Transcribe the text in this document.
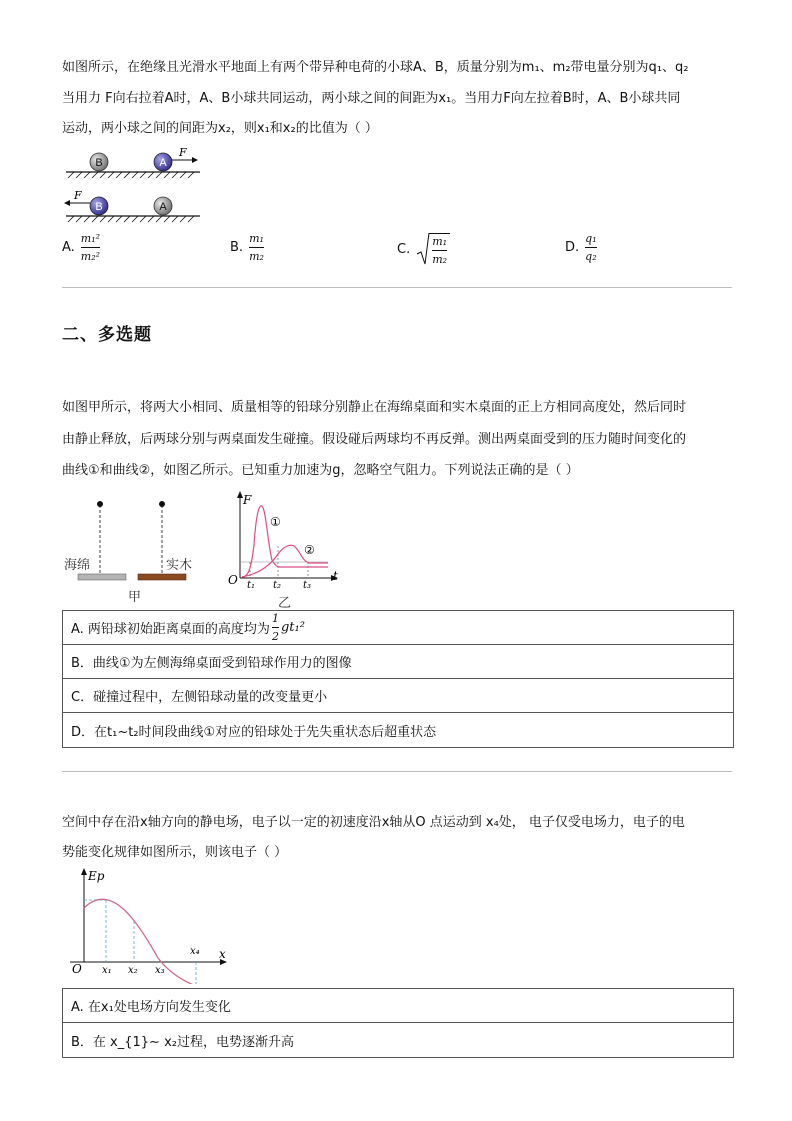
如图所示，在绝缘且光滑水平地面上有两个带异种电荷的小球A、B，质量分别为m₁、m₂带电量分别为q₁、q₂
当用力 F向右拉着A时，A、B小球共同运动，两小球之间的间距为x₁。当用力F向左拉着B时，A、B小球共同
运动，两小球之间的间距为x₂，则x₁和x₂的比值为（ ）
B	A
F
F
B	A
A. $\frac{\text{m₁²}}{\text{m₂²}}$	B. $\frac{\text{m₁}}{\text{m₂}}$	C. $\frac{\text{m₁}}{\text{m₂}}$	D. $\frac{\text{q₁}}{\text{q₂}}$
二、多选题
如图甲所示，将两大小相同、质量相等的铅球分别静止在海绵桌面和实木桌面的正上方相同高度处，然后同时
由静止释放，后两球分别与两桌面发生碰撞。假设碰后两球均不再反弹。测出两桌面受到的压力随时间变化的
曲线①和曲线②，如图乙所示。已知重力加速为g，忽略空气阻力。下列说法正确的是（ ）
海绵	实木
甲
F
t
O
①
②
t₁ t₂ t₃
乙
A. 两铅球初始距离桌面的高度均为 $\frac{1}{2} gt_1^2$
B．曲线①为左侧海绵桌面受到铅球作用力的图像
C．碰撞过程中，左侧铅球动量的改变量更小
D．在t₁~t₂时间段曲线①对应的铅球处于先失重状态后超重状态
空间中存在沿x轴方向的静电场，电子以一定的初速度沿x轴从O 点运动到 x₄处， 电子仅受电场力，电子的电
势能变化规律如图所示，则该电子（ ）
Ep
x
O x₁ x₂ x₃
x₄
A. 在x₁处电场方向发生变化
B．在 x_{1}∼ x₂过程，电势逐渐升高
